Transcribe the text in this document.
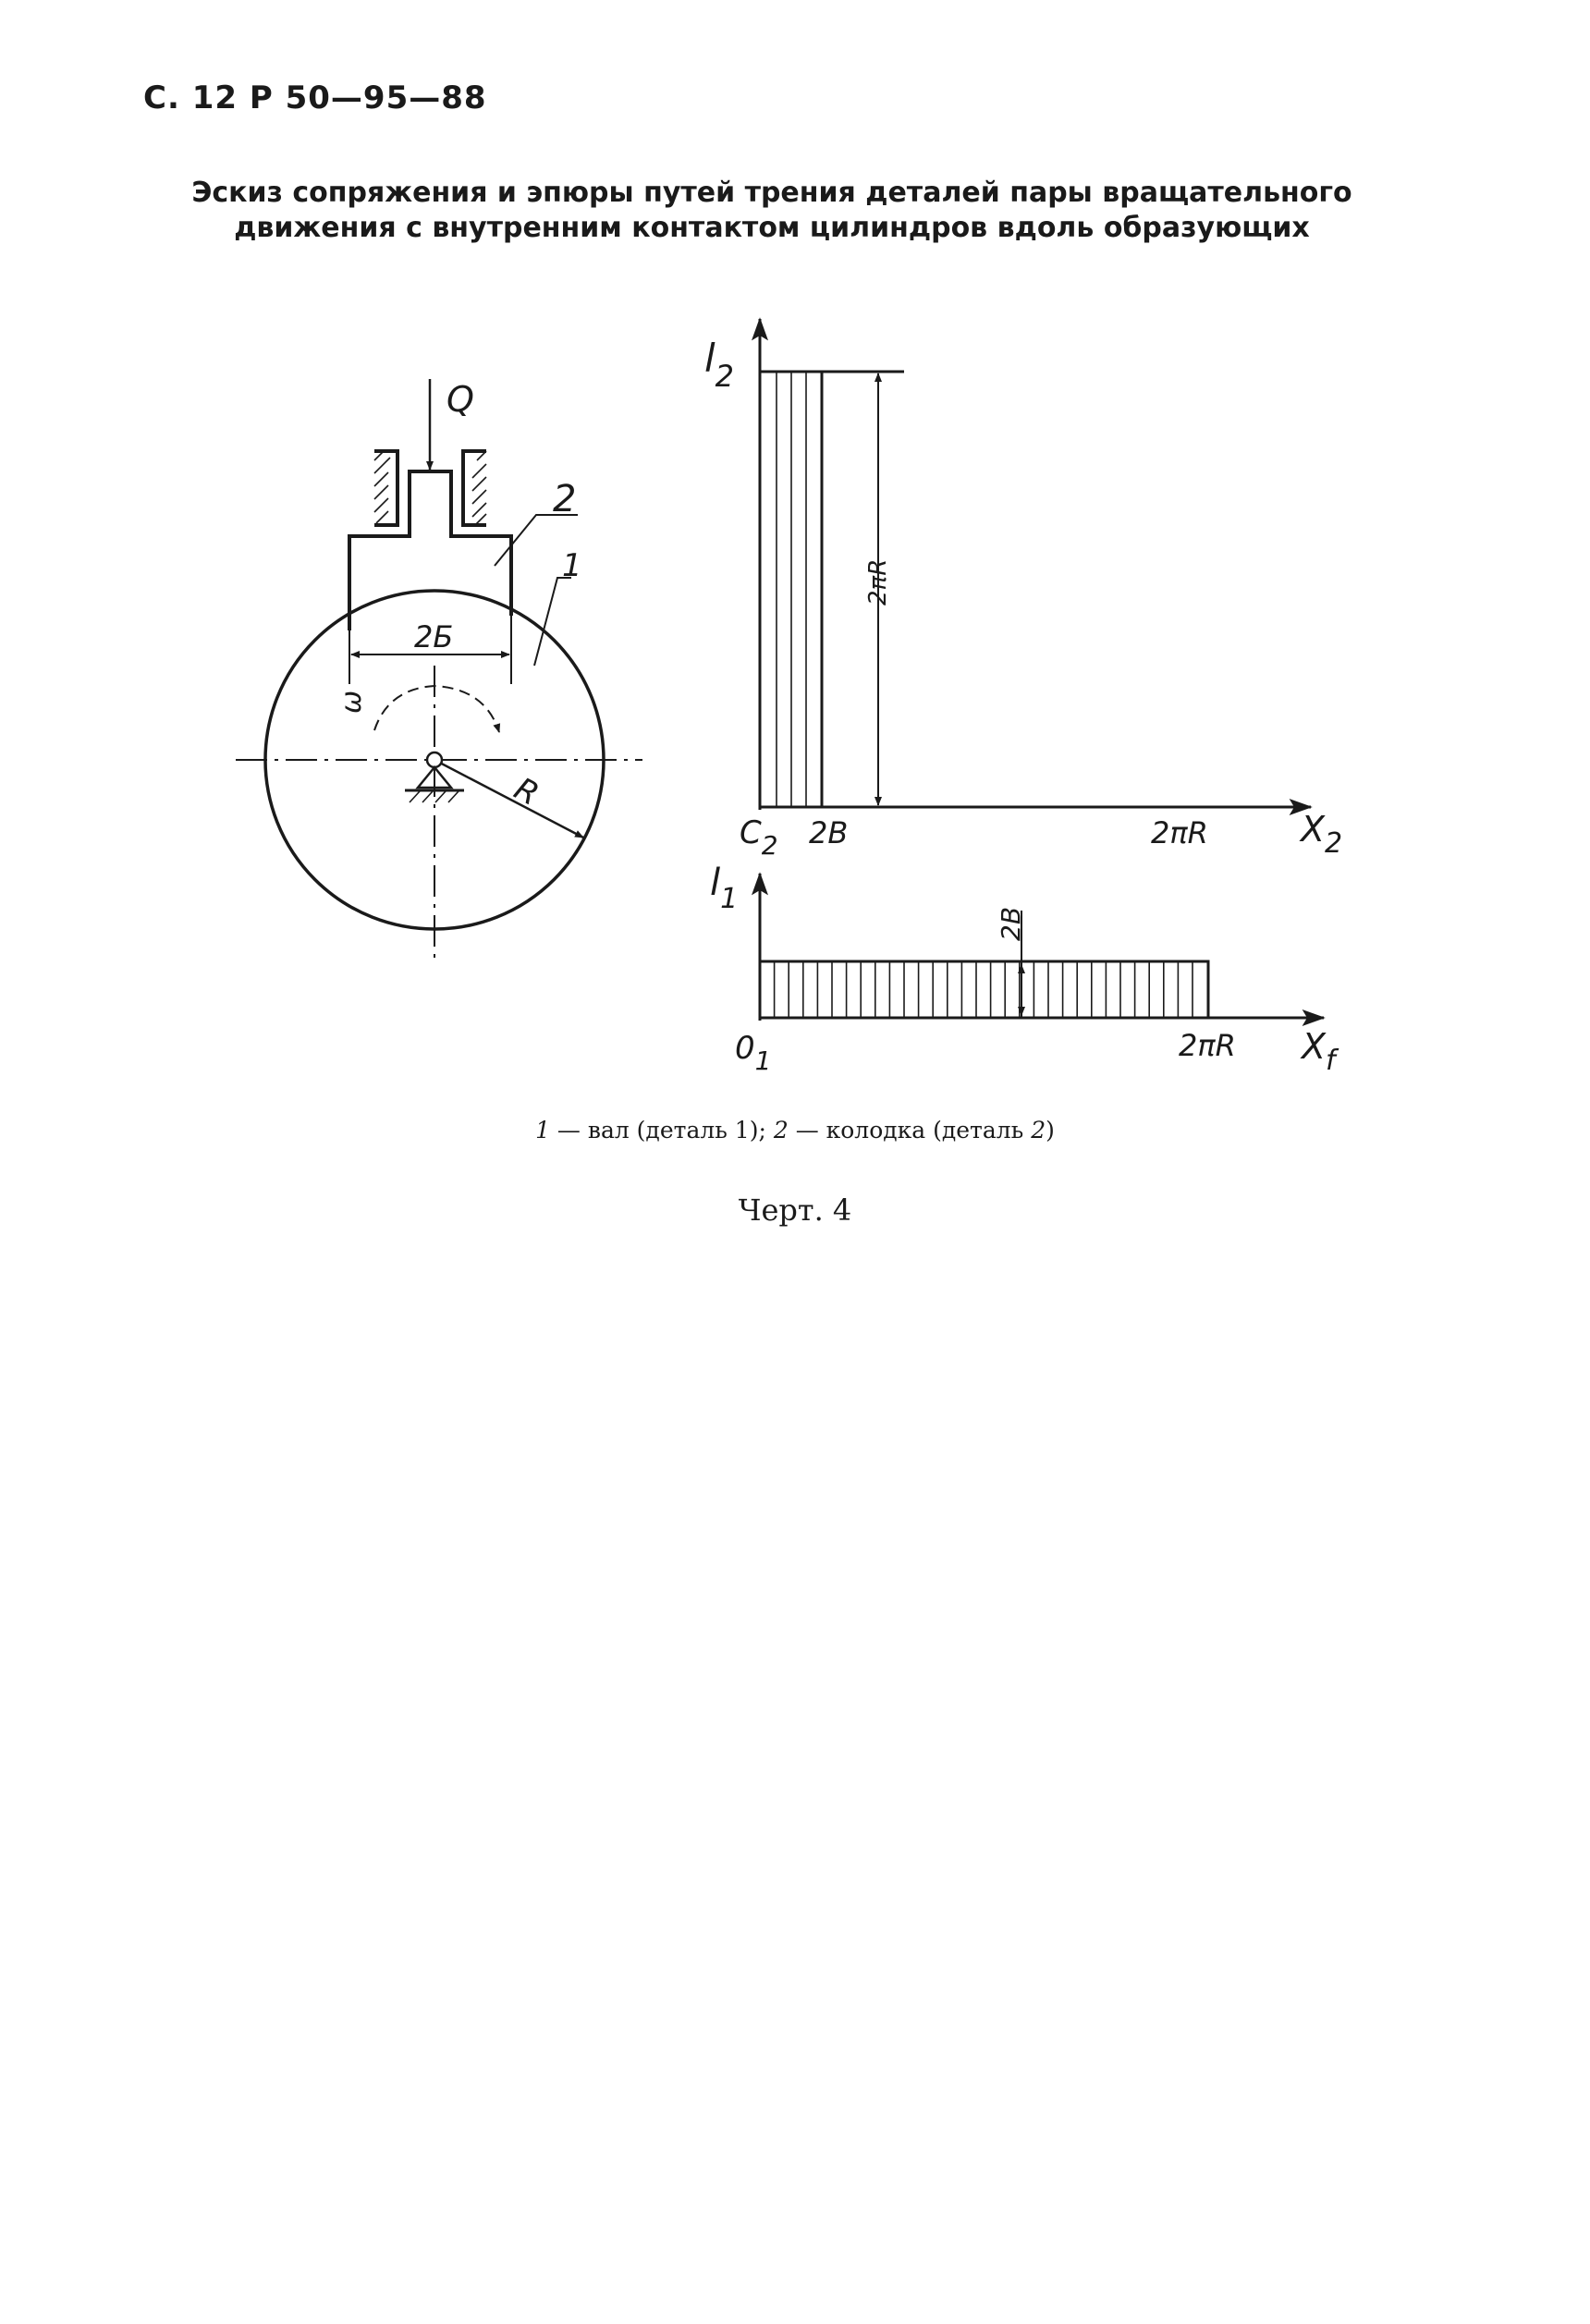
С. 12 Р 50—95—88
Эскиз сопряжения и эпюры путей трения деталей пары вращательного
движения с внутренним контактом цилиндров вдоль образующих
Q
2
1
2Б
ω
R
$l_2$
$C_2$ 2B	2πR	$X_2$
2πR
$l_1$
$0_1$	2πR $X_f$
2B
1 — вал (деталь 1); 2 — колодка (деталь 2)
Черт. 4
